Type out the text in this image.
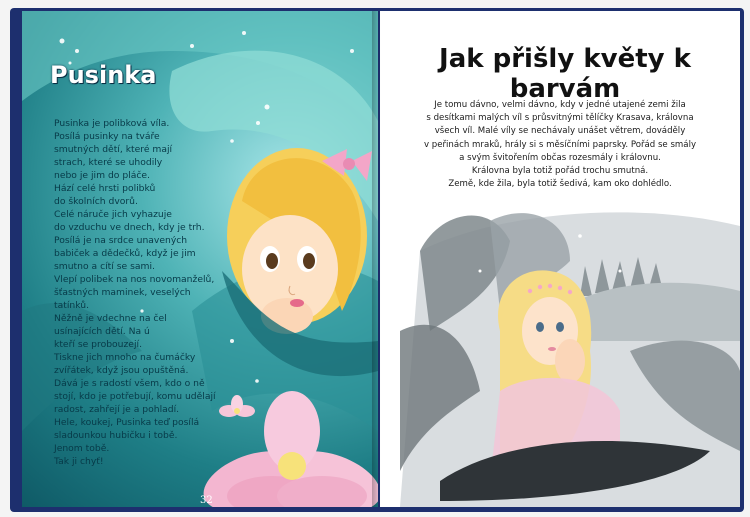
Pusinka

Pusinka je polibková víla.

Posílá pusinky na tváře

smutných dětí, které mají

strach, které se uhodily

nebo je jim do pláče.

Hází celé hrsti polibků

do školních dvorů.

Celé náruče jich vyhazuje

do vzduchu ve dnech, kdy je trh.

Posílá je na srdce unavených

babiček a dědečků, když je jim

smutno a cítí se sami.

Vlepí polibek na nos novomanželů,

šťastných maminek, veselých

tatínků.

Něžně je vdechne na čel

usínajících dětí. Na ú

kteří se probouzejí.

Tiskne jich mnoho na čumáčky

zvířátek, když jsou opuštěná.

Dává je s radostí všem, kdo o ně

stojí, kdo je potřebují, komu udělají

radost, zahřejí je a pohladí.

Hele, koukej, Pusinka teď posílá

sladounkou hubičku i tobě.

Jenom tobě.

Tak ji chyť!

32
Jak přišly květy k barvám

Je tomu dávno, velmi dávno, kdy v jedné utajené zemi žila

s desítkami malých víl s průsvitnými tělíčky Krasava, královna

všech víl. Malé víly se nechávaly unášet větrem, dováděly

v peřinách mraků, hrály si s měsíčními paprsky. Pořád se smály

a svým švitořením občas rozesmály i královnu.

Královna byla totiž pořád trochu smutná.

Země, kde žila, byla totiž šedivá, kam oko dohlédlo.
